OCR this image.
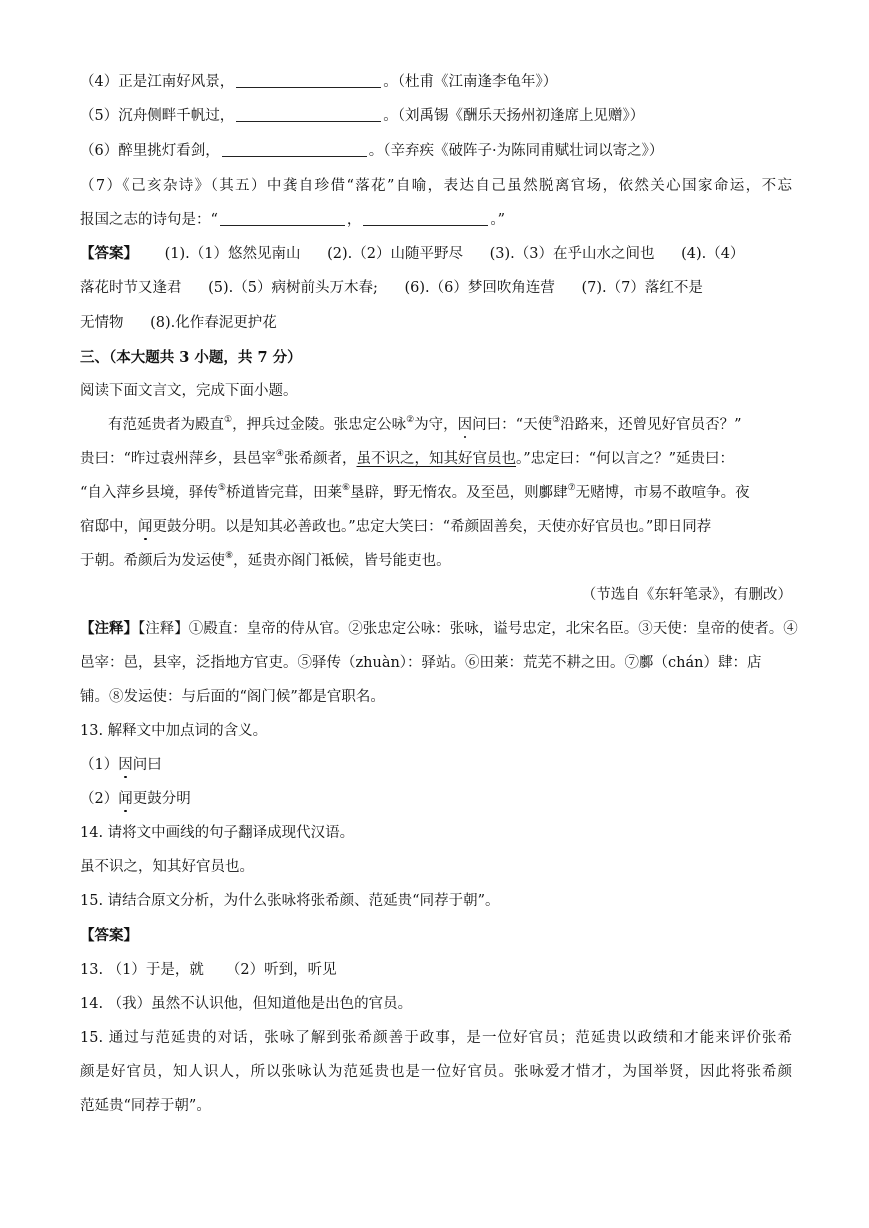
（4）正是江南好风景，	。（杜甫《江南逢李龟年》）
（5）沉舟侧畔千帆过，	。（刘禹锡《酬乐天扬州初逢席上见赠》）
（6）醉里挑灯看剑，	。（辛弃疾《破阵子·为陈同甫赋壮词以寄之》）
（7）《己亥杂诗》（其五）中龚自珍借“落花”自喻，表达自己虽然脱离官场，依然关心国家命运，不忘
报国之志的诗句是：“	，	。”
【答案】 (1).（1）悠然见南山 (2).（2）山随平野尽 (3).（3）在乎山水之间也 (4).（4）
落花时节又逢君 (5).（5）病树前头万木春; (6).（6）梦回吹角连营 (7).（7）落红不是
无情物 (8).化作春泥更护花
三、（本大题共 3 小题，共 7 分）
阅读下面文言文，完成下面小题。
有范延贵者为殿直①，押兵过金陵。张忠定公咏②为守，因问曰：“天使③沿路来，还曾见好官员否？”
贵曰：“昨过袁州萍乡，县邑宰④张希颜者，虽不识之，知其好官员也。”忠定曰：“何以言之？”延贵曰：
“自入萍乡县境，驿传⑤桥道皆完葺，田莱⑥垦辟，野无惰农。及至邑，则鄽肆⑦无赌博，市易不敢喧争。夜
宿邸中，闻更鼓分明。以是知其必善政也。”忠定大笑曰：“希颜固善矣，天使亦好官员也。”即日同荐
于朝。希颜后为发运使⑧，延贵亦阁门袛候，皆号能吏也。
（节选自《东轩笔录》，有删改）
【注释】【注释】①殿直：皇帝的侍从官。②张忠定公咏：张咏，谥号忠定，北宋名臣。③天使：皇帝的使者。④
邑宰：邑，县宰，泛指地方官吏。⑤驿传（zhuàn）：驿站。⑥田莱：荒芜不耕之田。⑦鄽（chán）肆：店
铺。⑧发运使：与后面的“阁门候”都是官职名。
13. 解释文中加点词的含义。
（1）因问曰
（2）闻更鼓分明
14. 请将文中画线的句子翻译成现代汉语。
虽不识之，知其好官员也。
15. 请结合原文分析，为什么张咏将张希颜、范延贵“同荐于朝”。
【答案】
13. （1）于是，就 （2）听到，听见
14. （我）虽然不认识他，但知道他是出色的官员。
15. 通过与范延贵的对话，张咏了解到张希颜善于政事，是一位好官员；范延贵以政绩和才能来评价张希
颜是好官员，知人识人，所以张咏认为范延贵也是一位好官员。张咏爱才惜才，为国举贤，因此将张希颜
范延贵“同荐于朝”。
